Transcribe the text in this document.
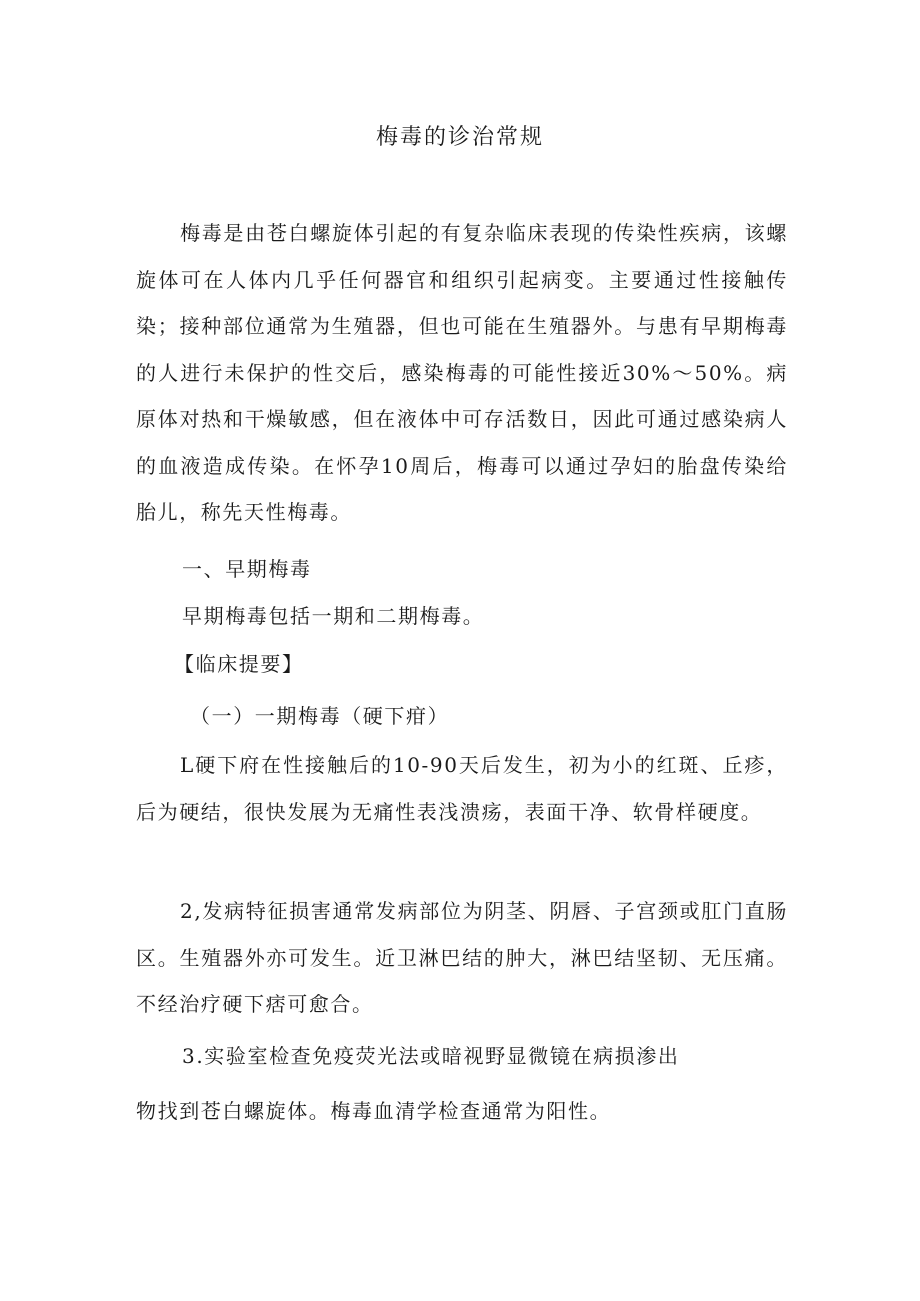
梅毒的诊治常规

梅毒是由苍白螺旋体引起的有复杂临床表现的传染性疾病，该螺旋体可在人体内几乎任何器官和组织引起病变。主要通过性接触传染；接种部位通常为生殖器，但也可能在生殖器外。与患有早期梅毒的人进行未保护的性交后，感染梅毒的可能性接近30%～50%。病原体对热和干燥敏感，但在液体中可存活数日，因此可通过感染病人的血液造成传染。在怀孕10周后，梅毒可以通过孕妇的胎盘传染给胎儿，称先天性梅毒。

一、早期梅毒
早期梅毒包括一期和二期梅毒。
【临床提要】
（一）一期梅毒（硬下疳）

L硬下府在性接触后的10-90天后发生，初为小的红斑、丘疹，后为硬结，很快发展为无痛性表浅溃疡，表面干净、软骨样硬度。

2,发病特征损害通常发病部位为阴茎、阴唇、子宫颈或肛门直肠区。生殖器外亦可发生。近卫淋巴结的肿大，淋巴结坚韧、无压痛。不经治疗硬下痞可愈合。

3.实验室检查免疫荧光法或暗视野显微镜在病损渗出
物找到苍白螺旋体。梅毒血清学检查通常为阳性。
